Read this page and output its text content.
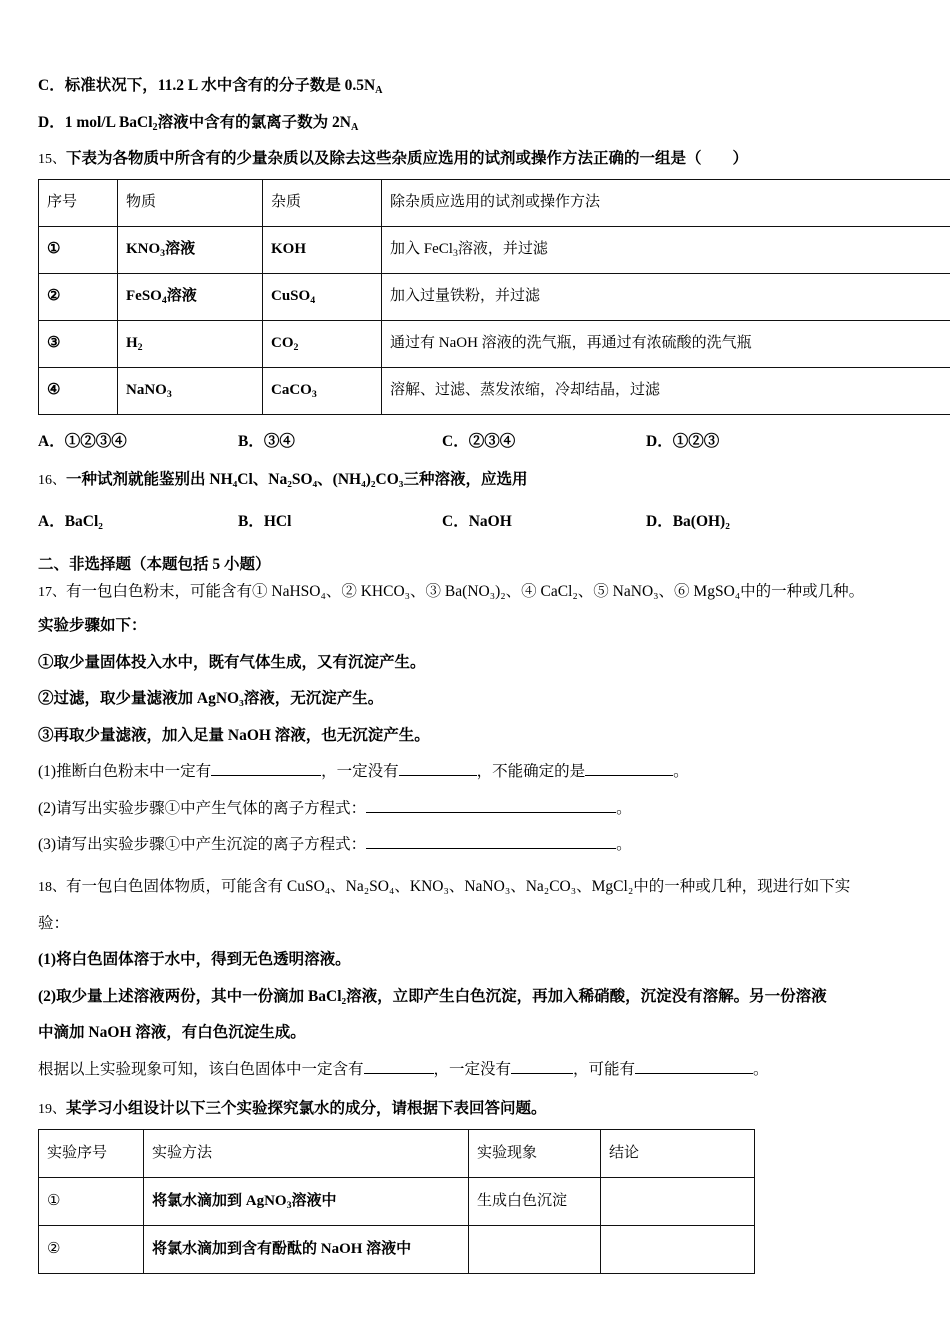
C．标准状况下，11.2 L 水中含有的分子数是 $0.5N_A$
D．1 mol/L BaCl$_2$溶液中含有的氯离子数为 $2N_A$
15、下表为各物质中所含有的少量杂质以及除去这些杂质应选用的试剂或操作方法正确的一组是（　　）
序号	物质	杂质	除杂质应选用的试剂或操作方法
①	$KNO_3$溶液	KOH	加入 FeCl$_3$溶液，并过滤
②	FeSO$_4$溶液	CuSO$_4$	加入过量铁粉，并过滤
③	$H_2$	$CO_2$	通过有 NaOH 溶液的洗气瓶，再通过有浓硫酸的洗气瓶
④	NaNO$_3$	CaCO$_3$	溶解、过滤、蒸发浓缩，冷却结晶，过滤
A．①②③④	B．③④	C．②③④	D．①②③
16、一种试剂就能鉴别出 NH₄Cl、Na₂SO₄、(NH₄)₂CO₃三种溶液，应选用
A．BaCl₂	B．HCl	C．NaOH	D．Ba(OH)₂
二、非选择题（本题包括 5 小题）
17、有一包白色粉末，可能含有① NaHSO₄、② KHCO₃、③ Ba(NO₃)₂、④ CaCl₂、⑤ NaNO₃、⑥ MgSO₄中的一种或几种。
实验步骤如下：
①取少量固体投入水中，既有气体生成，又有沉淀产生。
②过滤，取少量滤液加 AgNO₃溶液，无沉淀产生。
③再取少量滤液，加入足量 NaOH 溶液，也无沉淀产生。
(1)推断白色粉末中一定有	，一定没有	，不能确定的是	。
(2)请写出实验步骤①中产生气体的离子方程式：	。
(3)请写出实验步骤①中产生沉淀的离子方程式：	。
18、有一包白色固体物质，可能含有 CuSO₄、Na₂SO₄、KNO₃、NaNO₃、Na₂CO₃、MgCl₂中的一种或几种，现进行如下实
验：
(1)将白色固体溶于水中，得到无色透明溶液。
(2)取少量上述溶液两份，其中一份滴加 BaCl₂溶液，立即产生白色沉淀，再加入稀硝酸，沉淀没有溶解。另一份溶液
中滴加 NaOH 溶液，有白色沉淀生成。
根据以上实验现象可知，该白色固体中一定含有	，一定没有	，可能有	。
19、某学习小组设计以下三个实验探究氯水的成分，请根据下表回答问题。
实验序号	实验方法	实验现象	结论
①	将氯水滴加到 AgNO$_3$溶液中	生成白色沉淀	
②	将氯水滴加到含有酚酞的 NaOH 溶液中		
